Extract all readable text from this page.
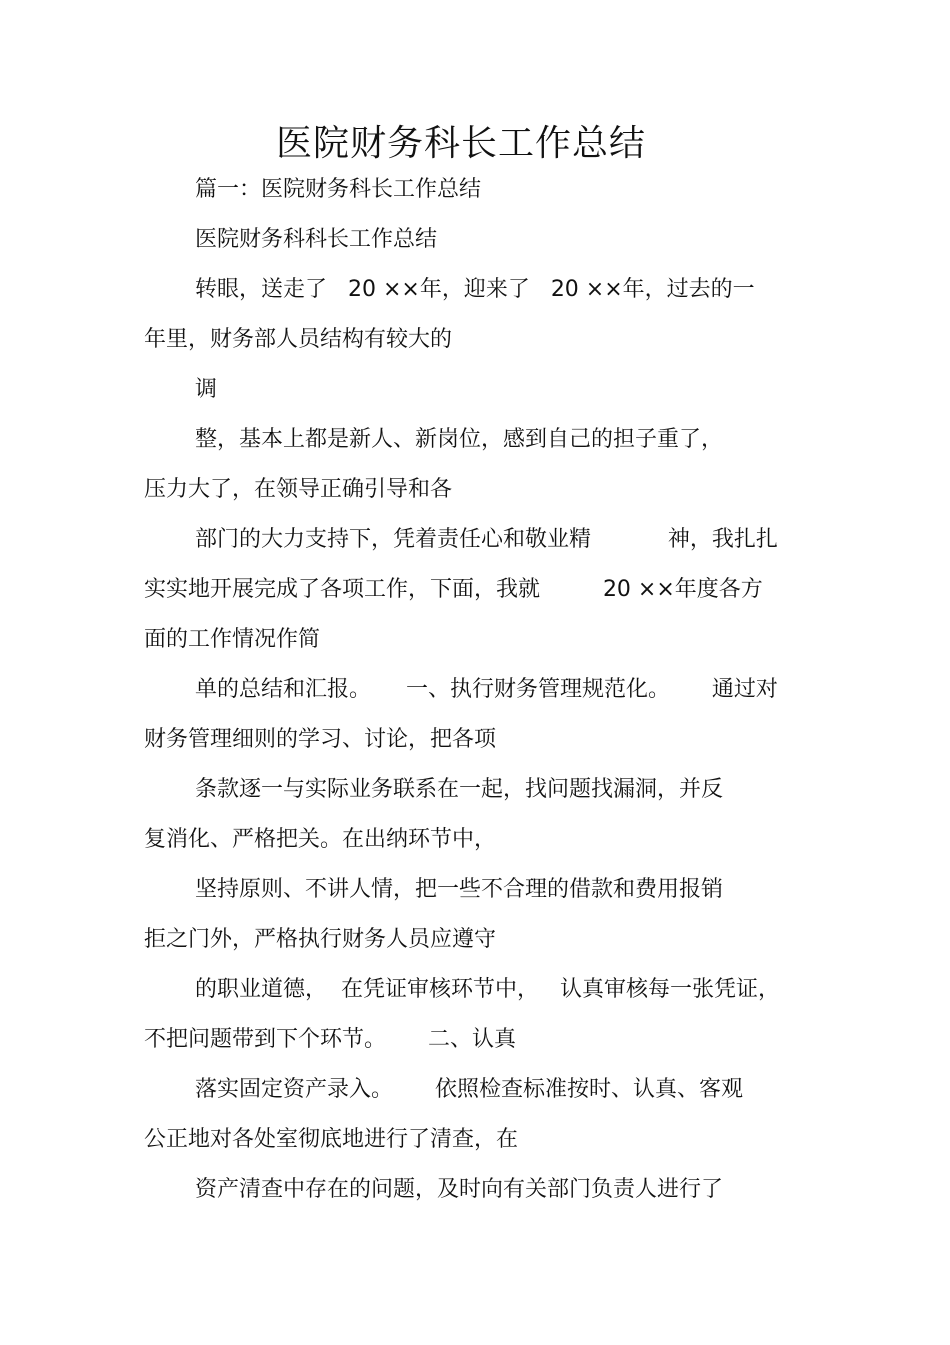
医院财务科长工作总结
篇一：医院财务科长工作总结
医院财务科科长工作总结
转眼，送走了   20 ××年，迎来了   20 ××年，过去的一
年里，财务部人员结构有较大的
调
整，基本上都是新人、新岗位，感到自己的担子重了，
压力大了，在领导正确引导和各
部门的大力支持下，凭着责任心和敬业精           神，我扎扎
实实地开展完成了各项工作，下面，我就         20 ××年度各方
面的工作情况作简
单的总结和汇报。     一、执行财务管理规范化。      通过对
财务管理细则的学习、讨论，把各项
条款逐一与实际业务联系在一起，找问题找漏洞，并反
复消化、严格把关。在出纳环节中，
坚持原则、不讲人情，把一些不合理的借款和费用报销
拒之门外，严格执行财务人员应遵守
的职业道德，  在凭证审核环节中，   认真审核每一张凭证，
不把问题带到下个环节。      二、认真
落实固定资产录入。      依照检查标准按时、认真、客观
公正地对各处室彻底地进行了清查，在
资产清查中存在的问题，及时向有关部门负责人进行了
